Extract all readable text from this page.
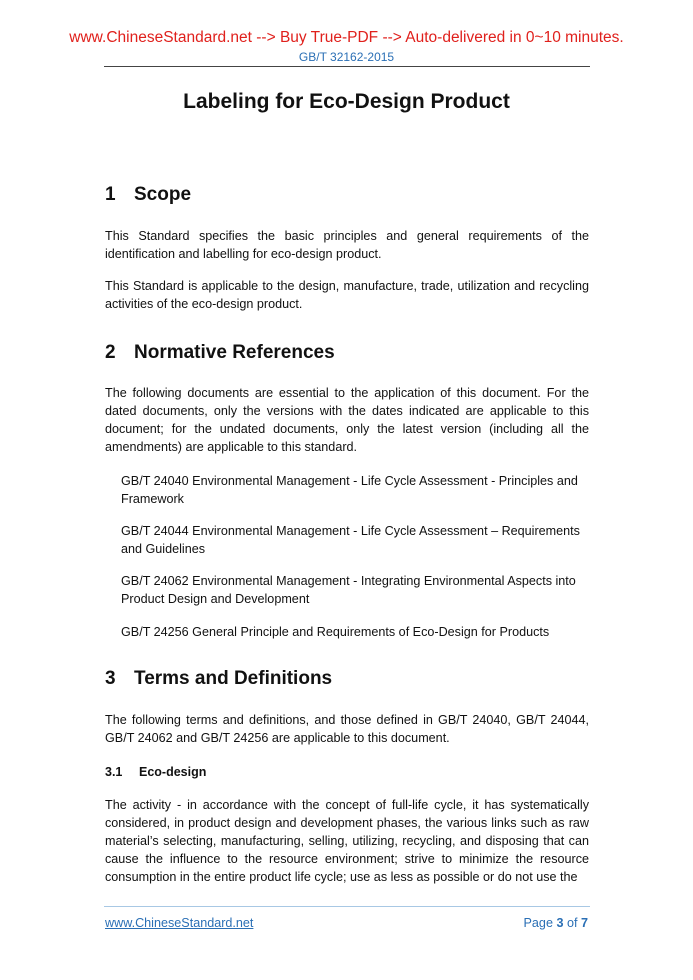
www.ChineseStandard.net --> Buy True-PDF --> Auto-delivered in 0~10 minutes.
GB/T 32162-2015
Labeling for Eco-Design Product
1 Scope
This Standard specifies the basic principles and general requirements of the identification and labelling for eco-design product.
This Standard is applicable to the design, manufacture, trade, utilization and recycling activities of the eco-design product.
2 Normative References
The following documents are essential to the application of this document. For the dated documents, only the versions with the dates indicated are applicable to this document; for the undated documents, only the latest version (including all the amendments) are applicable to this standard.
GB/T 24040 Environmental Management - Life Cycle Assessment - Principles and Framework
GB/T 24044 Environmental Management - Life Cycle Assessment – Requirements and Guidelines
GB/T 24062 Environmental Management - Integrating Environmental Aspects into Product Design and Development
GB/T 24256 General Principle and Requirements of Eco-Design for Products
3 Terms and Definitions
The following terms and definitions, and those defined in GB/T 24040, GB/T 24044, GB/T 24062 and GB/T 24256 are applicable to this document.
3.1 Eco-design
The activity - in accordance with the concept of full-life cycle, it has systematically considered, in product design and development phases, the various links such as raw material’s selecting, manufacturing, selling, utilizing, recycling, and disposing that can cause the influence to the resource environment; strive to minimize the resource consumption in the entire product life cycle; use as less as possible or do not use the
www.ChineseStandard.net	Page 3 of 7
